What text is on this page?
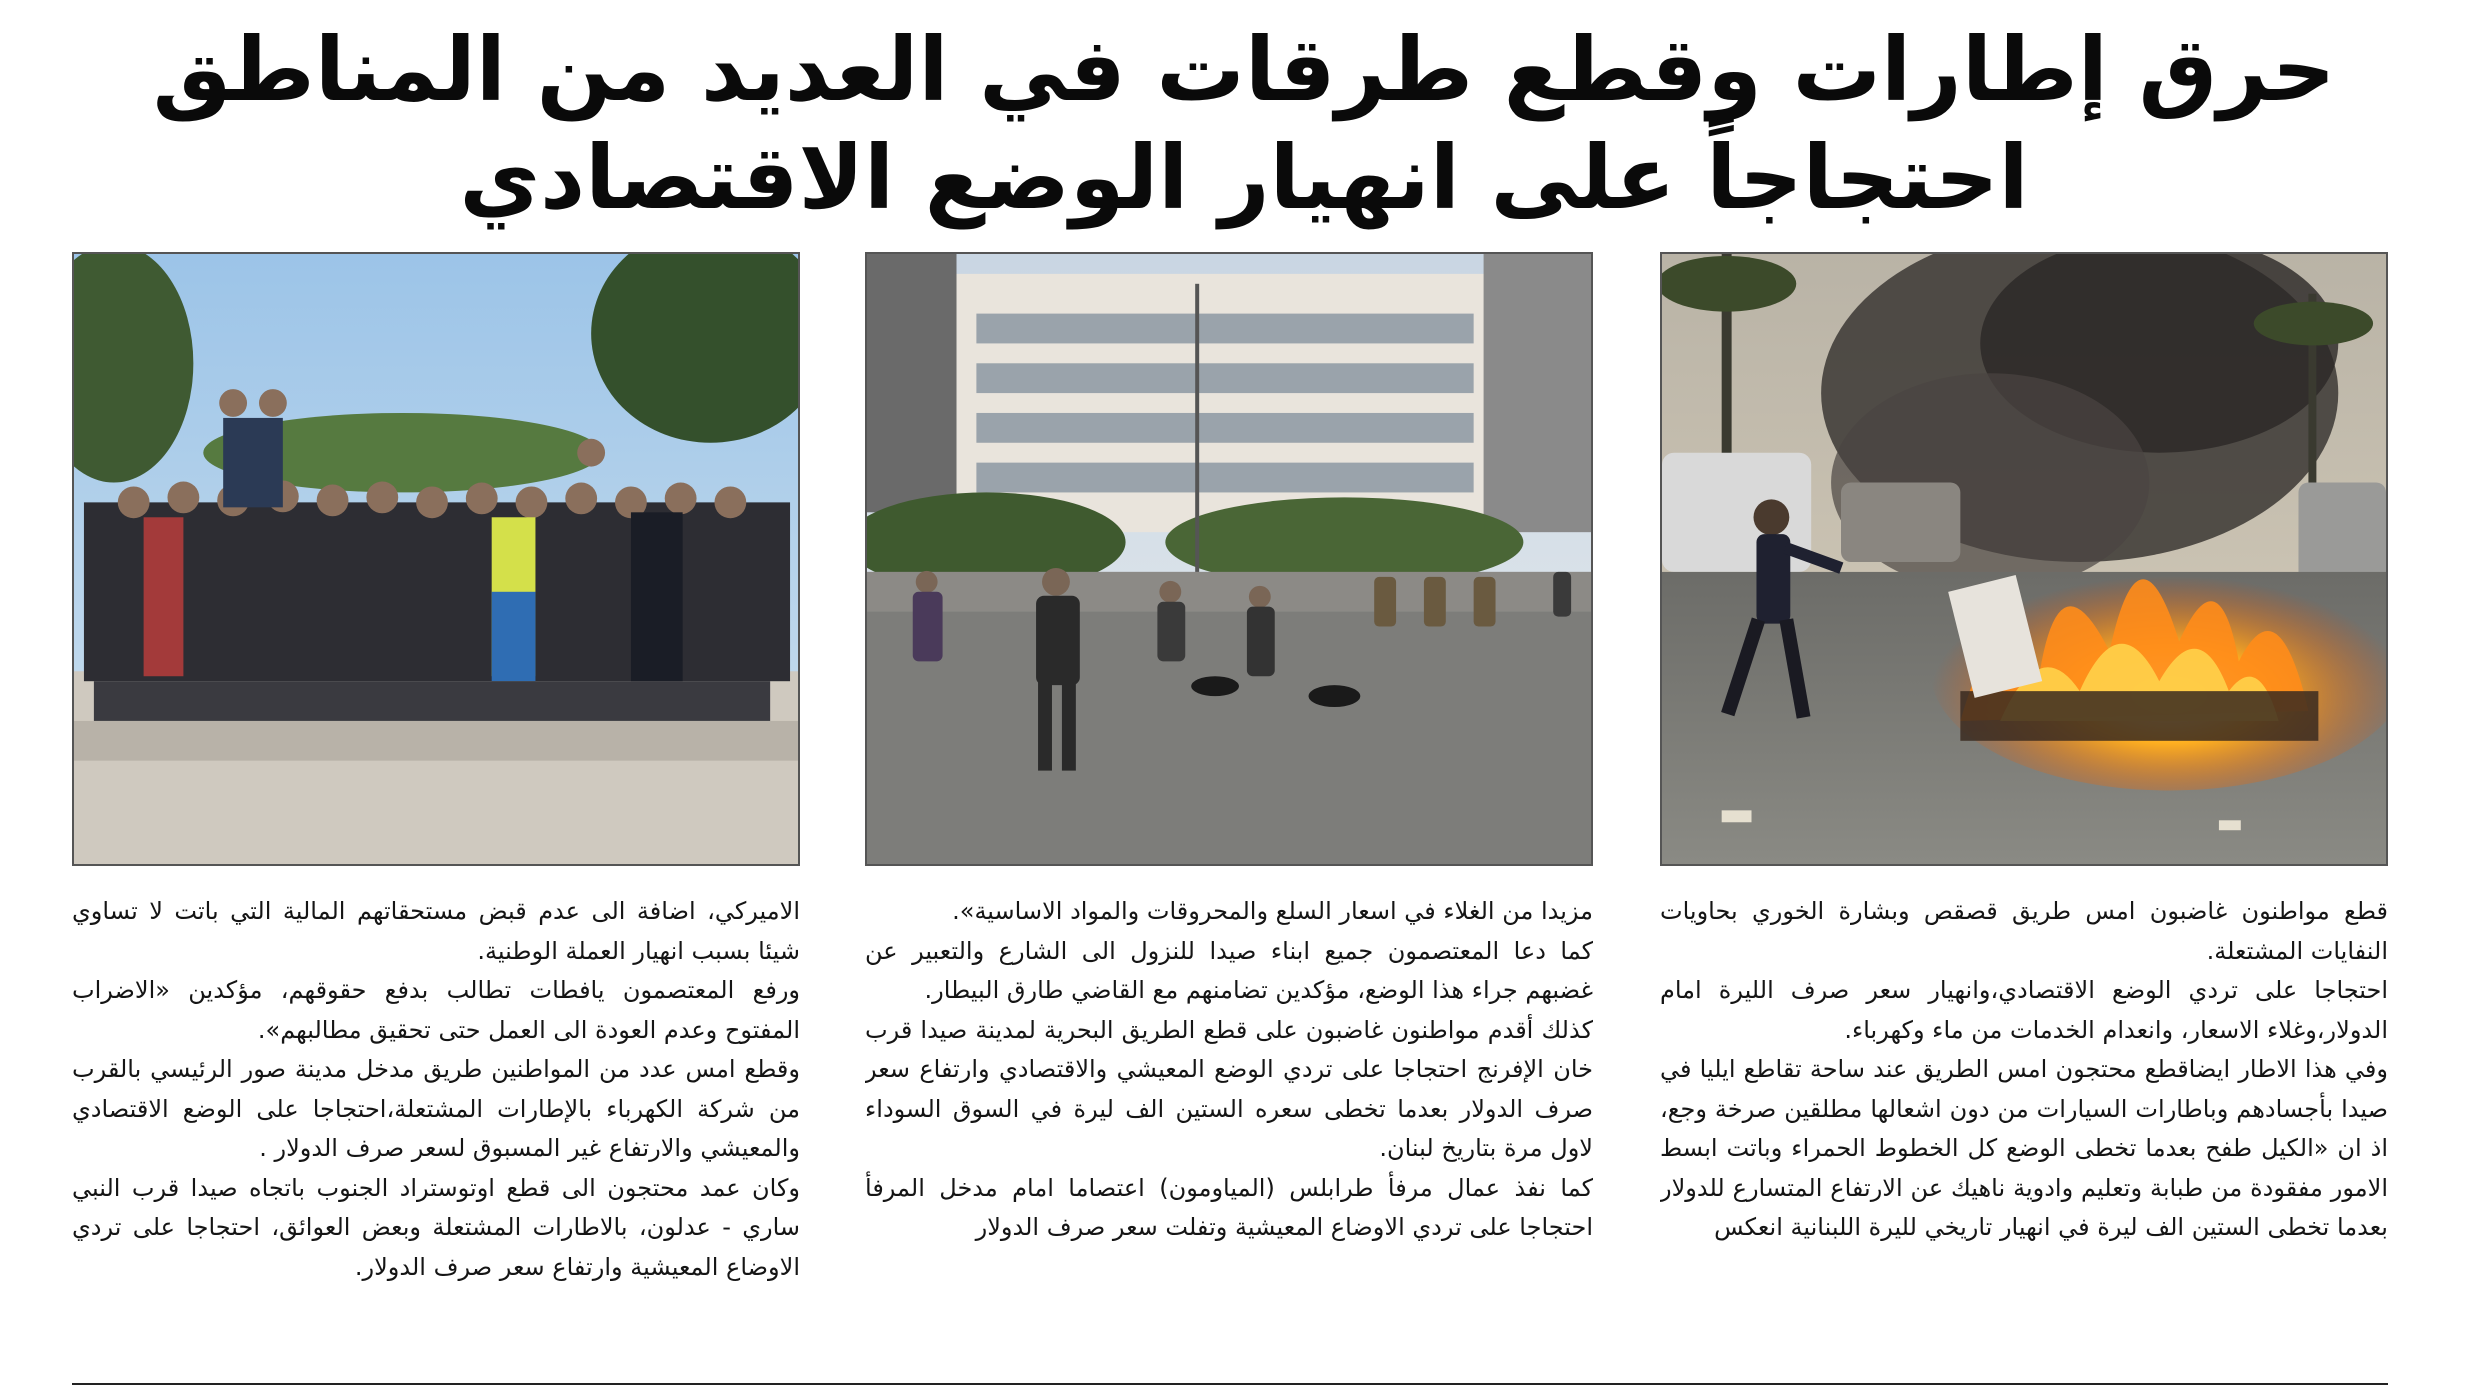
حرق إطارات وقطع طرقات في العديد من المناطق
احتجاجاً على انهيار الوضع الاقتصادي

قطع مواطنون غاضبون امس طريق قصقص وبشارة الخوري بحاويات النفايات المشتعلة.

احتجاجا على تردي الوضع الاقتصادي،وانهيار سعر صرف الليرة امام الدولار،وغلاء الاسعار، وانعدام الخدمات من ماء وكهرباء.

وفي هذا الاطار ايضاقطع محتجون امس الطريق عند ساحة تقاطع ايليا في صيدا بأجسادهم وباطارات السيارات من دون اشعالها مطلقين صرخة وجع، اذ ان «الكيل طفح بعدما تخطى الوضع كل الخطوط الحمراء وباتت ابسط الامور مفقودة من طبابة وتعليم وادوية ناهيك عن الارتفاع المتسارع للدولار بعدما تخطى الستين الف ليرة في انهيار تاريخي لليرة اللبنانية انعكس

مزيدا من الغلاء في اسعار السلع والمحروقات والمواد الاساسية».

كما دعا المعتصمون جميع ابناء صيدا للنزول الى الشارع والتعبير عن غضبهم جراء هذا الوضع، مؤكدين تضامنهم مع القاضي طارق البيطار.

كذلك أقدم مواطنون غاضبون على قطع الطريق البحرية لمدينة صيدا قرب خان الإفرنج احتجاجا على تردي الوضع المعيشي والاقتصادي وارتفاع سعر صرف الدولار بعدما تخطى سعره الستين الف ليرة في السوق السوداء لاول مرة بتاريخ لبنان.

كما نفذ عمال مرفأ طرابلس (المياومون) اعتصاما امام مدخل المرفأ احتجاجا على تردي الاوضاع المعيشية وتفلت سعر صرف الدولار

الاميركي، اضافة الى عدم قبض مستحقاتهم المالية التي باتت لا تساوي شيئا بسبب انهيار العملة الوطنية.

ورفع المعتصمون يافطات تطالب بدفع حقوقهم، مؤكدين «الاضراب المفتوح وعدم العودة الى العمل حتى تحقيق مطالبهم».

وقطع امس عدد من المواطنين طريق مدخل مدينة صور الرئيسي بالقرب من شركة الكهرباء بالإطارات المشتعلة،احتجاجا على الوضع الاقتصادي والمعيشي والارتفاع غير المسبوق لسعر صرف الدولار .

وكان عمد محتجون الى قطع اوتوستراد الجنوب باتجاه صيدا قرب النبي ساري - عدلون، بالاطارات المشتعلة وبعض العوائق، احتجاجا على تردي الاوضاع المعيشية وارتفاع سعر صرف الدولار.
